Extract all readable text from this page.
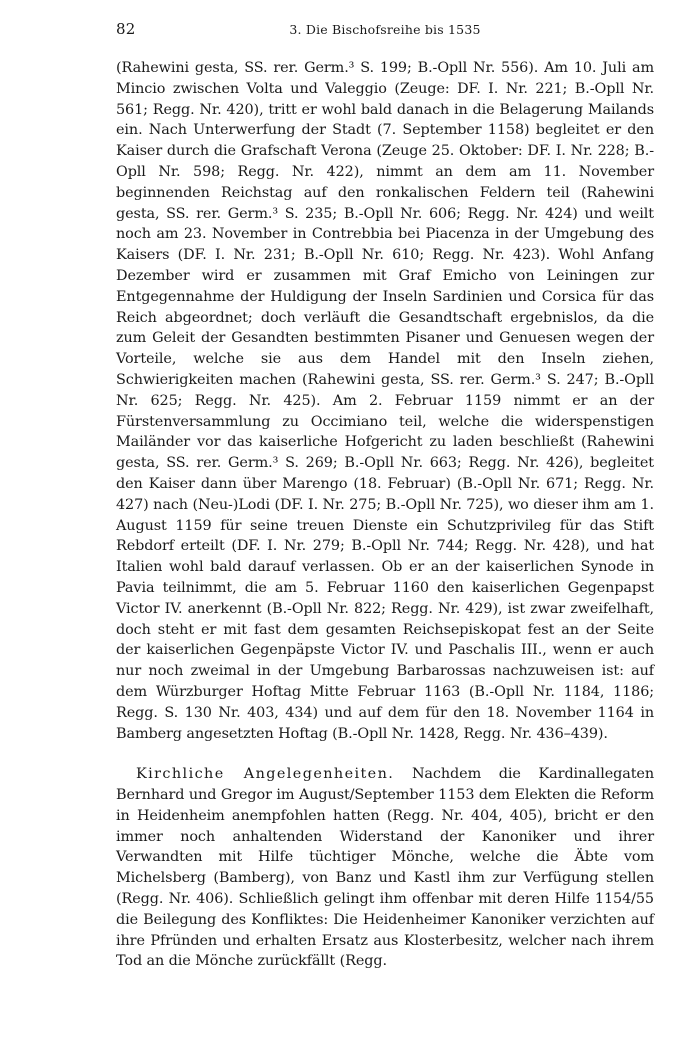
82	3. Die Bischofsreihe bis 1535

(Rahewini gesta, SS. rer. Germ.³ S. 199; B.-Opll Nr. 556). Am 10. Juli am Mincio zwischen Volta und Valeggio (Zeuge: DF. I. Nr. 221; B.-Opll Nr. 561; Regg. Nr. 420), tritt er wohl bald danach in die Belagerung Mailands ein. Nach Unterwerfung der Stadt (7. September 1158) begleitet er den Kaiser durch die Grafschaft Verona (Zeuge 25. Oktober: DF. I. Nr. 228; B.-Opll Nr. 598; Regg. Nr. 422), nimmt an dem am 11. November beginnenden Reichstag auf den ronkalischen Feldern teil (Rahewini gesta, SS. rer. Germ.³ S. 235; B.-Opll Nr. 606; Regg. Nr. 424) und weilt noch am 23. November in Contrebbia bei Piacenza in der Umgebung des Kaisers (DF. I. Nr. 231; B.-Opll Nr. 610; Regg. Nr. 423). Wohl Anfang Dezember wird er zusammen mit Graf Emicho von Leiningen zur Entgegennahme der Huldigung der Inseln Sardinien und Corsica für das Reich abgeordnet; doch verläuft die Gesandtschaft ergebnislos, da die zum Geleit der Gesandten bestimmten Pisaner und Genuesen wegen der Vorteile, welche sie aus dem Handel mit den Inseln ziehen, Schwierigkeiten machen (Rahewini gesta, SS. rer. Germ.³ S. 247; B.-Opll Nr. 625; Regg. Nr. 425). Am 2. Februar 1159 nimmt er an der Fürstenversammlung zu Occimiano teil, welche die widerspenstigen Mailänder vor das kaiserliche Hofgericht zu laden beschließt (Rahewini gesta, SS. rer. Germ.³ S. 269; B.-Opll Nr. 663; Regg. Nr. 426), begleitet den Kaiser dann über Marengo (18. Februar) (B.-Opll Nr. 671; Regg. Nr. 427) nach (Neu-)Lodi (DF. I. Nr. 275; B.-Opll Nr. 725), wo dieser ihm am 1. August 1159 für seine treuen Dienste ein Schutzprivileg für das Stift Rebdorf erteilt (DF. I. Nr. 279; B.-Opll Nr. 744; Regg. Nr. 428), und hat Italien wohl bald darauf verlassen. Ob er an der kaiserlichen Synode in Pavia teilnimmt, die am 5. Februar 1160 den kaiserlichen Gegenpapst Victor IV. anerkennt (B.-Opll Nr. 822; Regg. Nr. 429), ist zwar zweifelhaft, doch steht er mit fast dem gesamten Reichsepiskopat fest an der Seite der kaiserlichen Gegenpäpste Victor IV. und Paschalis III., wenn er auch nur noch zweimal in der Umgebung Barbarossas nachzuweisen ist: auf dem Würzburger Hoftag Mitte Februar 1163 (B.-Opll Nr. 1184, 1186; Regg. S. 130 Nr. 403, 434) und auf dem für den 18. November 1164 in Bamberg angesetzten Hoftag (B.-Opll Nr. 1428, Regg. Nr. 436–439).

Kirchliche Angelegenheiten. Nachdem die Kardinallegaten Bernhard und Gregor im August/September 1153 dem Elekten die Reform in Heidenheim anempfohlen hatten (Regg. Nr. 404, 405), bricht er den immer noch anhaltenden Widerstand der Kanoniker und ihrer Verwandten mit Hilfe tüchtiger Mönche, welche die Äbte vom Michelsberg (Bamberg), von Banz und Kastl ihm zur Verfügung stellen (Regg. Nr. 406). Schließlich gelingt ihm offenbar mit deren Hilfe 1154/55 die Beilegung des Konfliktes: Die Heidenheimer Kanoniker verzichten auf ihre Pfründen und erhalten Ersatz aus Klosterbesitz, welcher nach ihrem Tod an die Mönche zurückfällt (Regg.
